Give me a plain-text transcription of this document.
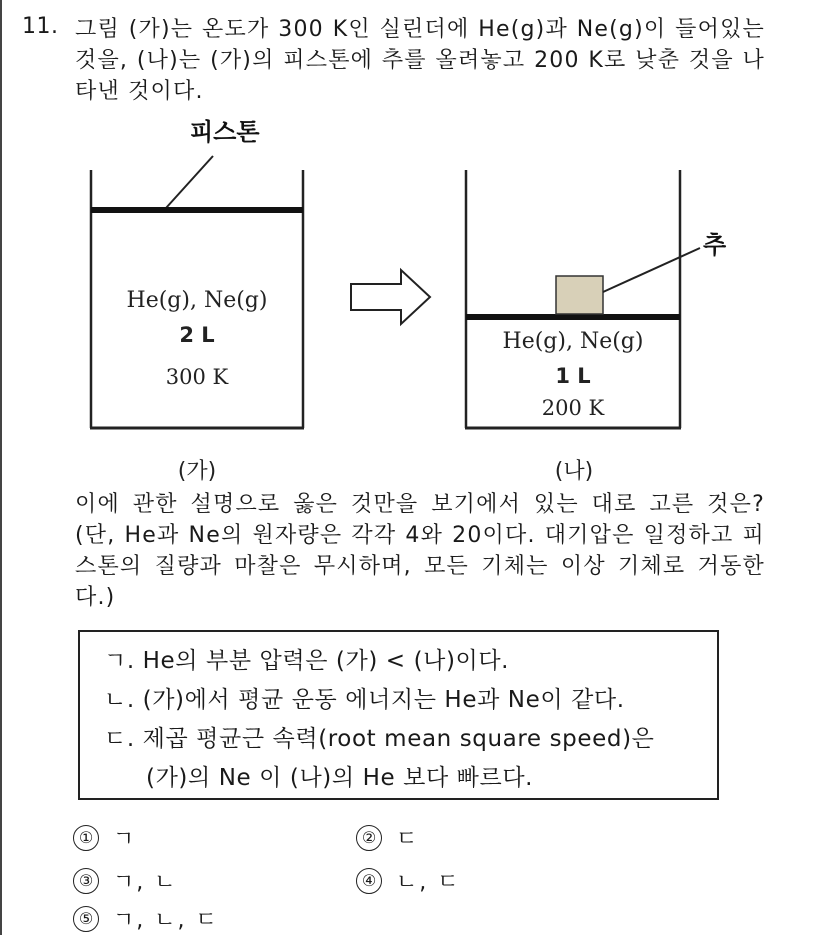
11. 그림 (가)는 온도가 300 K인 실린더에 He(g)과 Ne(g)이 들어있는 것을, (나)는 (가)의 피스톤에 추를 올려놓고 200 K로 낮춘 것을 나타낸 것이다.
피스톤
He(g), Ne(g)
2 L
300 K
추
He(g), Ne(g)
1 L
200 K
(가)	(나)
이에 관한 설명으로 옳은 것만을 보기에서 있는 대로 고른 것은? (단, He과 Ne의 원자량은 각각 4와 20이다. 대기압은 일정하고 피스톤의 질량과 마찰은 무시하며, 모든 기체는 이상 기체로 거동한다.)
ㄱ. He의 부분 압력은 (가) < (나)이다.
ㄴ. (가)에서 평균 운동 에너지는 He과 Ne이 같다.
ㄷ. 제곱 평균근 속력(root mean square speed)은
(가)의 Ne 이 (나)의 He 보다 빠르다.
① ㄱ	② ㄷ
③ ㄱ, ㄴ	④ ㄴ, ㄷ
⑤ ㄱ, ㄴ, ㄷ
